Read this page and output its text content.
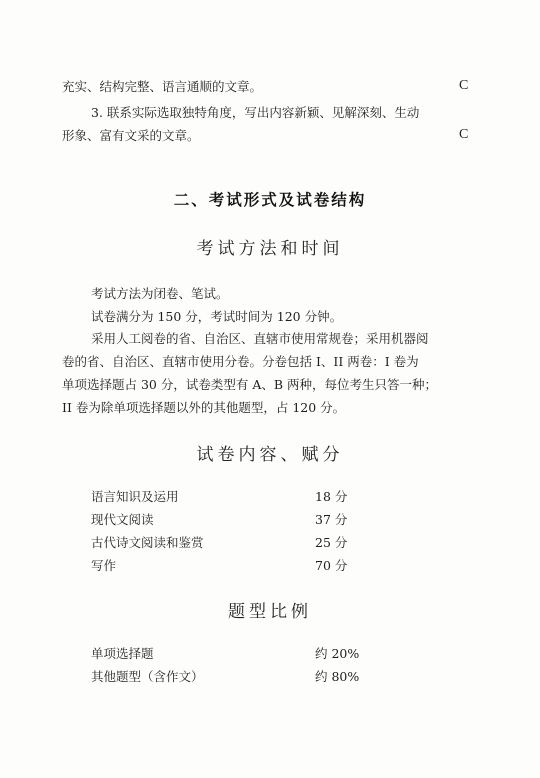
充实、结构完整、语言通顺的文章。	C
3. 联系实际选取独特角度，写出内容新颖、见解深刻、生动
形象、富有文采的文章。	C
二、考试形式及试卷结构
考试方法和时间
考试方法为闭卷、笔试。
试卷满分为 150 分，考试时间为 120 分钟。
采用人工阅卷的省、自治区、直辖市使用常规卷；采用机器阅
卷的省、自治区、直辖市使用分卷。分卷包括 I、II 两卷：I 卷为
单项选择题占 30 分，试卷类型有 A、B 两种，每位考生只答一种；
II 卷为除单项选择题以外的其他题型，占 120 分。
试卷内容、赋分
语言知识及运用	18 分
现代文阅读	37 分
古代诗文阅读和鉴赏	25 分
写作	70 分
题型比例
单项选择题	约 20%
其他题型（含作文）	约 80%
